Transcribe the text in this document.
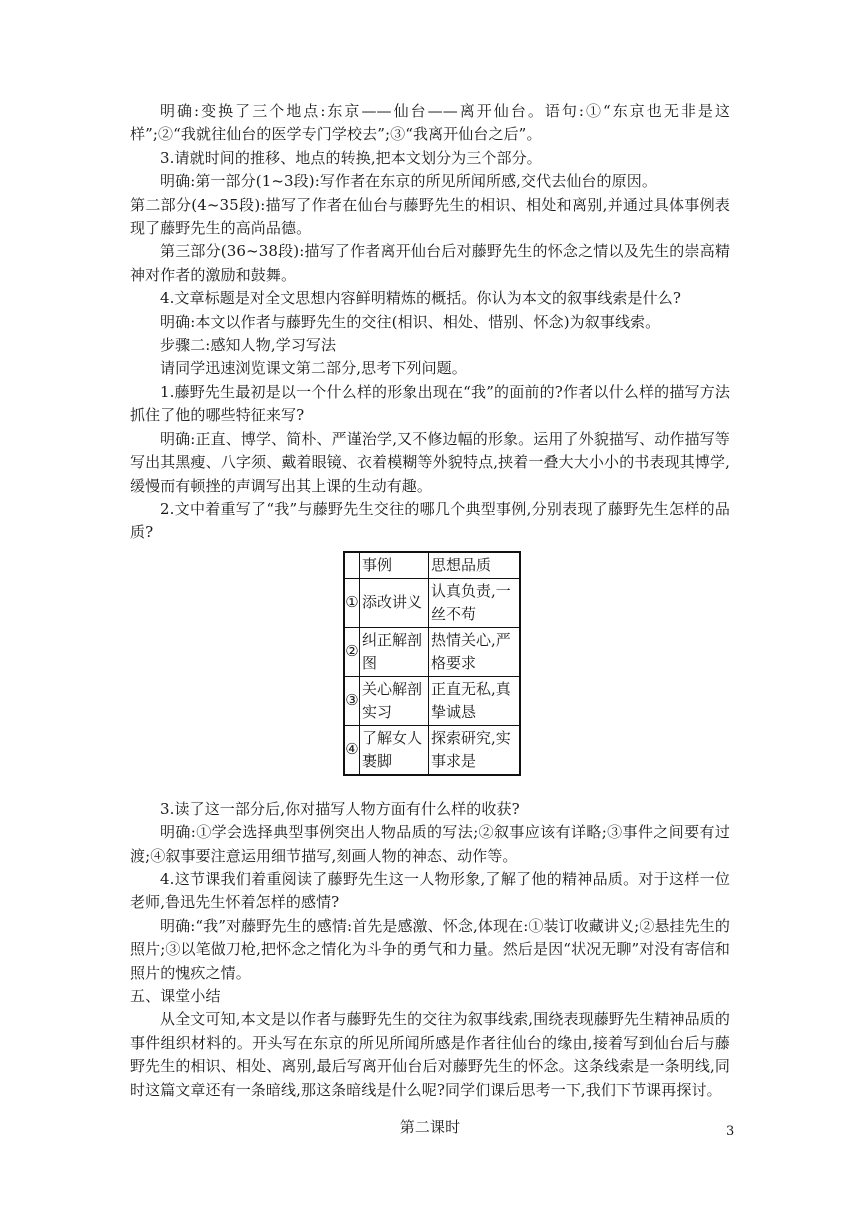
明确:变换了三个地点:东京——仙台——离开仙台。语句:①“东京也无非是这样”;②“我就往仙台的医学专门学校去”;③“我离开仙台之后”。

3.请就时间的推移、地点的转换,把本文划分为三个部分。

明确:第一部分(1~3段):写作者在东京的所见所闻所感,交代去仙台的原因。

第二部分(4~35段):描写了作者在仙台与藤野先生的相识、相处和离别,并通过具体事例表现了藤野先生的高尚品德。

第三部分(36~38段):描写了作者离开仙台后对藤野先生的怀念之情以及先生的崇高精神对作者的激励和鼓舞。

4.文章标题是对全文思想内容鲜明精炼的概括。你认为本文的叙事线索是什么?

明确:本文以作者与藤野先生的交往(相识、相处、惜别、怀念)为叙事线索。

步骤二:感知人物,学习写法

请同学迅速浏览课文第二部分,思考下列问题。

1.藤野先生最初是以一个什么样的形象出现在“我”的面前的?作者以什么样的描写方法抓住了他的哪些特征来写?

明确:正直、博学、简朴、严谨治学,又不修边幅的形象。运用了外貌描写、动作描写等写出其黑瘦、八字须、戴着眼镜、衣着模糊等外貌特点,挟着一叠大大小小的书表现其博学,缓慢而有顿挫的声调写出其上课的生动有趣。

2.文中着重写了“我”与藤野先生交往的哪几个典型事例,分别表现了藤野先生怎样的品质?

	事例	思想品质
①	添改讲义	认真负责,一丝不苟
②	纠正解剖图	热情关心,严格要求
③	关心解剖实习	正直无私,真挚诚恳
④	了解女人裹脚	探索研究,实事求是

3.读了这一部分后,你对描写人物方面有什么样的收获?

明确:①学会选择典型事例突出人物品质的写法;②叙事应该有详略;③事件之间要有过渡;④叙事要注意运用细节描写,刻画人物的神态、动作等。

4.这节课我们着重阅读了藤野先生这一人物形象,了解了他的精神品质。对于这样一位老师,鲁迅先生怀着怎样的感情?

明确:“我”对藤野先生的感情:首先是感激、怀念,体现在:①装订收藏讲义;②悬挂先生的照片;③以笔做刀枪,把怀念之情化为斗争的勇气和力量。然后是因“状况无聊”对没有寄信和照片的愧疚之情。

五、课堂小结

从全文可知,本文是以作者与藤野先生的交往为叙事线索,围绕表现藤野先生精神品质的事件组织材料的。开头写在东京的所见所闻所感是作者往仙台的缘由,接着写到仙台后与藤野先生的相识、相处、离别,最后写离开仙台后对藤野先生的怀念。这条线索是一条明线,同时这篇文章还有一条暗线,那这条暗线是什么呢?同学们课后思考一下,我们下节课再探讨。

第二课时	3
